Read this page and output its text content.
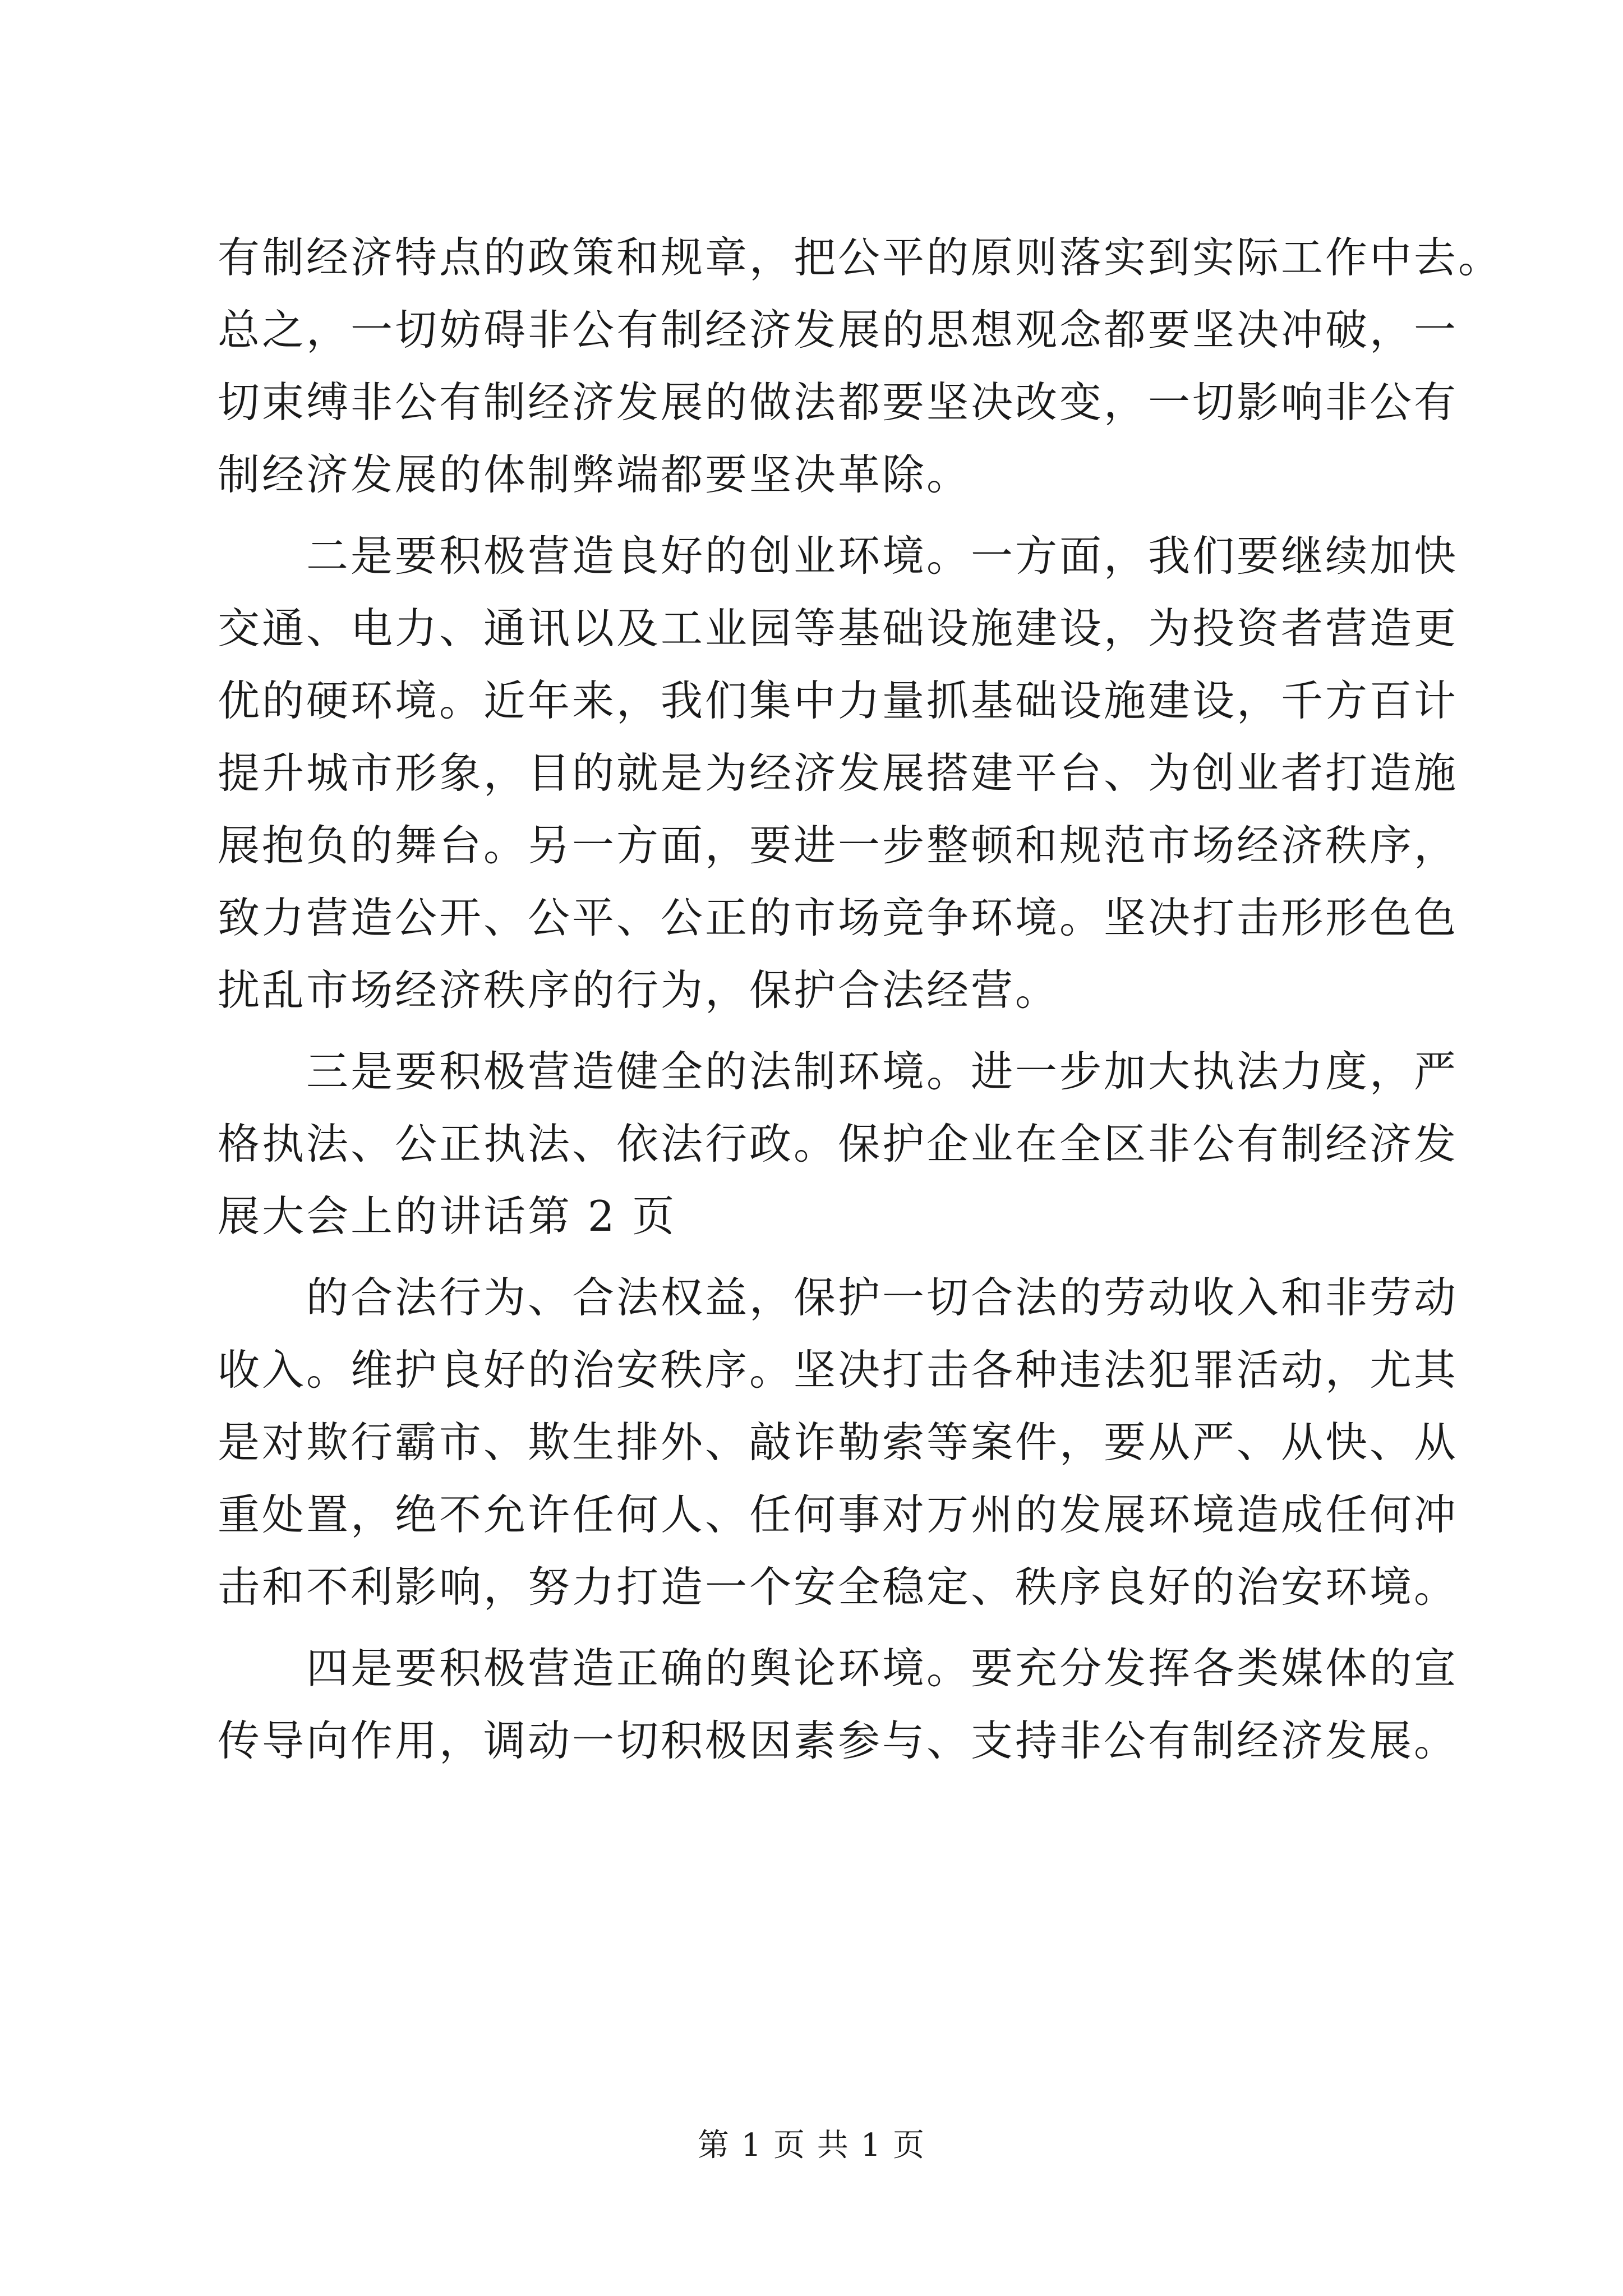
有制经济特点的政策和规章，把公平的原则落实到实际工作中去。
总之，一切妨碍非公有制经济发展的思想观念都要坚决冲破，一
切束缚非公有制经济发展的做法都要坚决改变，一切影响非公有
制经济发展的体制弊端都要坚决革除。
　　二是要积极营造良好的创业环境。一方面，我们要继续加快
交通、电力、通讯以及工业园等基础设施建设，为投资者营造更
优的硬环境。近年来，我们集中力量抓基础设施建设，千方百计
提升城市形象，目的就是为经济发展搭建平台、为创业者打造施
展抱负的舞台。另一方面，要进一步整顿和规范市场经济秩序，
致力营造公开、公平、公正的市场竞争环境。坚决打击形形色色
扰乱市场经济秩序的行为，保护合法经营。
　　三是要积极营造健全的法制环境。进一步加大执法力度，严
格执法、公正执法、依法行政。保护企业在全区非公有制经济发
展大会上的讲话第 2 页
　　的合法行为、合法权益，保护一切合法的劳动收入和非劳动
收入。维护良好的治安秩序。坚决打击各种违法犯罪活动，尤其
是对欺行霸市、欺生排外、敲诈勒索等案件，要从严、从快、从
重处置，绝不允许任何人、任何事对万州的发展环境造成任何冲
击和不利影响，努力打造一个安全稳定、秩序良好的治安环境。
　　四是要积极营造正确的舆论环境。要充分发挥各类媒体的宣
传导向作用，调动一切积极因素参与、支持非公有制经济发展。
第 1 页 共 1 页
